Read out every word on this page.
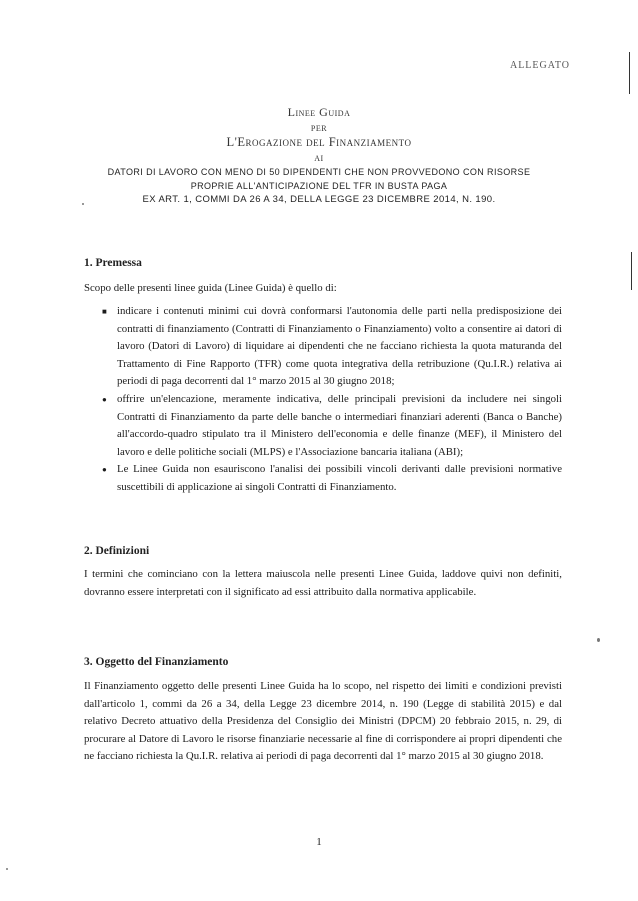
ALLEGATO
Linee Guida
per
L'Erogazione del Finanziamento
ai
DATORI DI LAVORO CON MENO DI 50 DIPENDENTI CHE NON PROVVEDONO CON RISORSE
PROPRIE ALL'ANTICIPAZIONE DEL TFR IN BUSTA PAGA
EX ART. 1, COMMI DA 26 A 34, DELLA LEGGE 23 DICEMBRE 2014, N. 190.
1. Premessa
Scopo delle presenti linee guida (Linee Guida) è quello di:
■ indicare i contenuti minimi cui dovrà conformarsi l'autonomia delle parti nella predisposizione dei contratti di finanziamento (Contratti di Finanziamento o Finanziamento) volto a consentire ai datori di lavoro (Datori di Lavoro) di liquidare ai dipendenti che ne facciano richiesta la quota maturanda del Trattamento di Fine Rapporto (TFR) come quota integrativa della retribuzione (Qu.I.R.) relativa ai periodi di paga decorrenti dal 1° marzo 2015 al 30 giugno 2018;
● offrire un'elencazione, meramente indicativa, delle principali previsioni da includere nei singoli Contratti di Finanziamento da parte delle banche o intermediari finanziari aderenti (Banca o Banche) all'accordo-quadro stipulato tra il Ministero dell'economia e delle finanze (MEF), il Ministero del lavoro e delle politiche sociali (MLPS) e l'Associazione bancaria italiana (ABI);
● Le Linee Guida non esauriscono l'analisi dei possibili vincoli derivanti dalle previsioni normative suscettibili di applicazione ai singoli Contratti di Finanziamento.
2. Definizioni
I termini che cominciano con la lettera maiuscola nelle presenti Linee Guida, laddove quivi non definiti, dovranno essere interpretati con il significato ad essi attribuito dalla normativa applicabile.
3. Oggetto del Finanziamento
Il Finanziamento oggetto delle presenti Linee Guida ha lo scopo, nel rispetto dei limiti e condizioni previsti dall'articolo 1, commi da 26 a 34, della Legge 23 dicembre 2014, n. 190 (Legge di stabilità 2015) e dal relativo Decreto attuativo della Presidenza del Consiglio dei Ministri (DPCM) 20 febbraio 2015, n. 29, di procurare al Datore di Lavoro le risorse finanziarie necessarie al fine di corrispondere ai propri dipendenti che ne facciano richiesta la Qu.I.R. relativa ai periodi di paga decorrenti dal 1° marzo 2015 al 30 giugno 2018.
1
